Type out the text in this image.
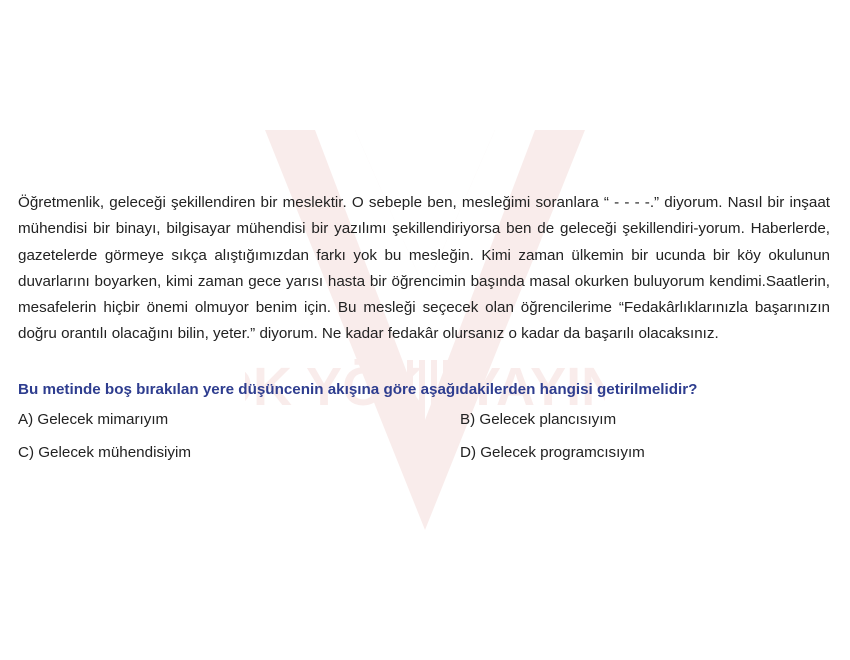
K YÖK YAYIN

Öğretmenlik, geleceği şekillendiren bir meslektir. O sebeple ben, mesleğimi soranlara “ - - - -.” diyorum. Nasıl bir inşaat mühendisi bir binayı, bilgisayar mühendisi bir yazılımı şekillendiriyorsa ben de geleceği şekillendiri-yorum. Haberlerde, gazetelerde görmeye sıkça alıştığımızdan farkı yok bu mesleğin. Kimi zaman ülkemin bir ucunda bir köy okulunun duvarlarını boyarken, kimi zaman gece yarısı hasta bir öğrencimin başında masal okurken buluyorum kendimi.Saatlerin, mesafelerin hiçbir önemi olmuyor benim için. Bu mesleği seçecek olan öğrencilerime “Fedakârlıklarınızla başarınızın doğru orantılı olacağını bilin, yeter.” diyorum. Ne kadar fedakâr olursanız o kadar da başarılı olacaksınız.

Bu metinde boş bırakılan yere düşüncenin akışına göre aşağıdakilerden hangisi getirilmelidir?

A) Gelecek mimarıyım	B) Gelecek plancısıyım
C) Gelecek mühendisiyim	D) Gelecek programcısıyım
